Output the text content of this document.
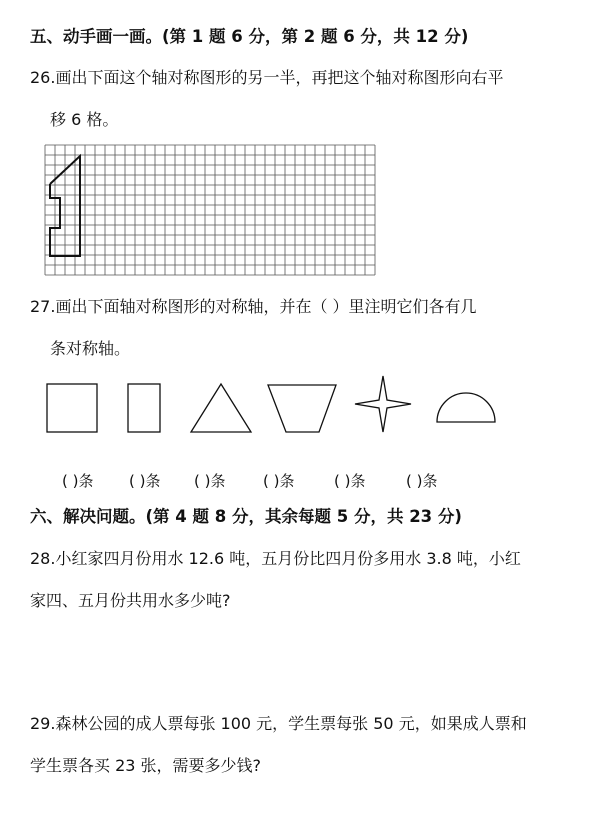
五、动手画一画。(第 1 题 6 分，第 2 题 6 分，共 12 分)
26.画出下面这个轴对称图形的另一半，再把这个轴对称图形向右平
移 6 格。
27.画出下面轴对称图形的对称轴，并在（ ）里注明它们各有几
条对称轴。
( )条 ( )条 ( )条	( )条	( )条	( )条
六、解决问题。(第 4 题 8 分，其余每题 5 分，共 23 分)
28.小红家四月份用水 12.6 吨，五月份比四月份多用水 3.8 吨，小红
家四、五月份共用水多少吨?
29.森林公园的成人票每张 100 元，学生票每张 50 元，如果成人票和
学生票各买 23 张，需要多少钱?
